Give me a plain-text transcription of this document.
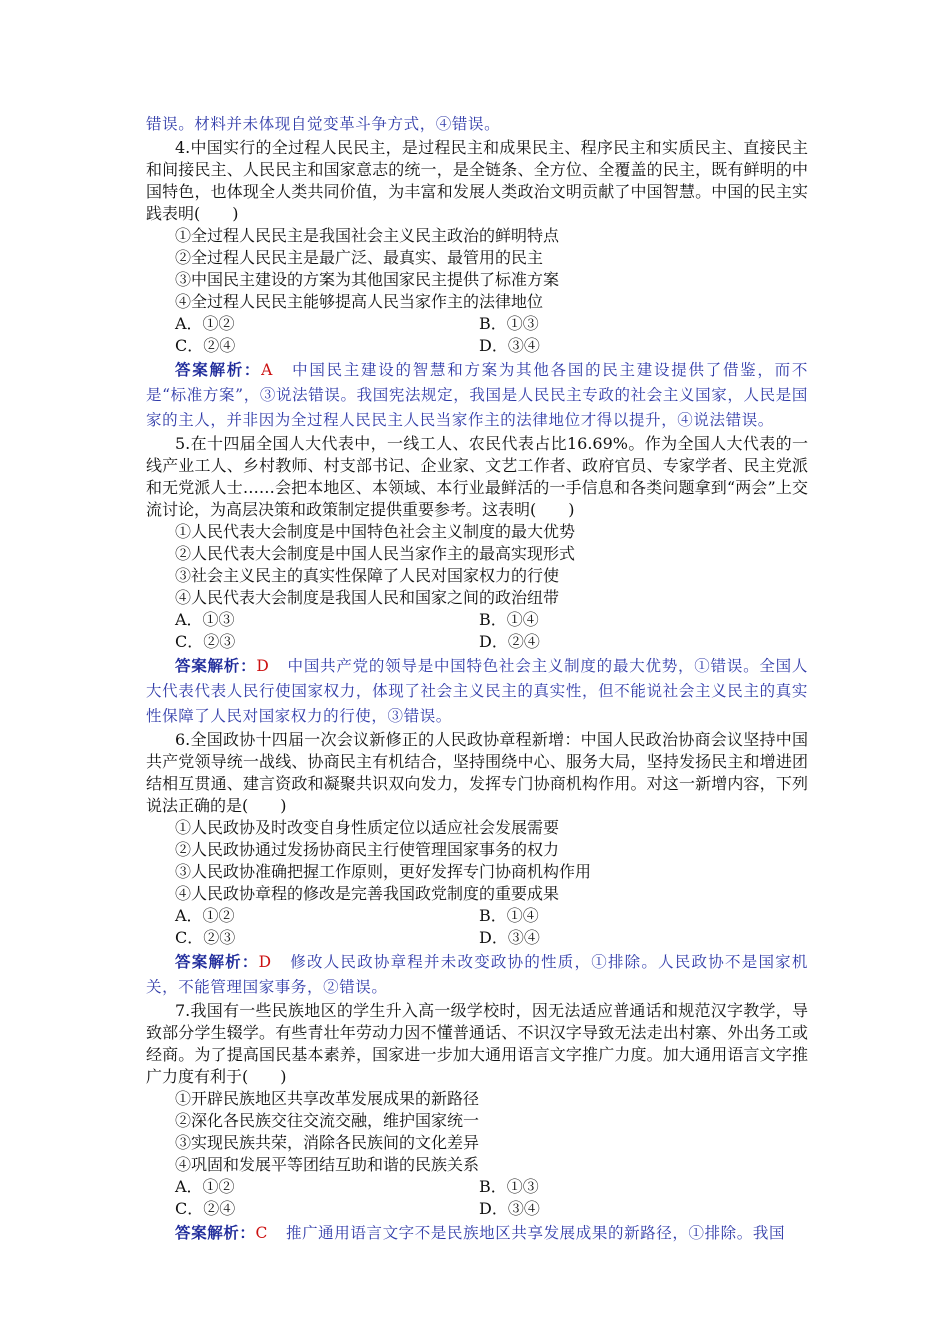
错误。材料并未体现自觉变革斗争方式，④错误。

4.中国实行的全过程人民民主，是过程民主和成果民主、程序民主和实质民主、直接民主和间接民主、人民民主和国家意志的统一，是全链条、全方位、全覆盖的民主，既有鲜明的中国特色，也体现全人类共同价值，为丰富和发展人类政治文明贡献了中国智慧。中国的民主实践表明(　　)

①全过程人民民主是我国社会主义民主政治的鲜明特点

②全过程人民民主是最广泛、最真实、最管用的民主

③中国民主建设的方案为其他国家民主提供了标准方案

④全过程人民民主能够提高人民当家作主的法律地位

A．①②	B．①③
C．②④	D．③④

答案解析：A 中国民主建设的智慧和方案为其他各国的民主建设提供了借鉴，而不是“标准方案”，③说法错误。我国宪法规定，我国是人民民主专政的社会主义国家，人民是国家的主人，并非因为全过程人民民主人民当家作主的法律地位才得以提升，④说法错误。

5.在十四届全国人大代表中，一线工人、农民代表占比16.69%。作为全国人大代表的一线产业工人、乡村教师、村支部书记、企业家、文艺工作者、政府官员、专家学者、民主党派和无党派人士……会把本地区、本领域、本行业最鲜活的一手信息和各类问题拿到“两会”上交流讨论，为高层决策和政策制定提供重要参考。这表明(　　)

①人民代表大会制度是中国特色社会主义制度的最大优势

②人民代表大会制度是中国人民当家作主的最高实现形式

③社会主义民主的真实性保障了人民对国家权力的行使

④人民代表大会制度是我国人民和国家之间的政治纽带

A．①③	B．①④
C．②③	D．②④

答案解析：D 中国共产党的领导是中国特色社会主义制度的最大优势，①错误。全国人大代表代表人民行使国家权力，体现了社会主义民主的真实性，但不能说社会主义民主的真实性保障了人民对国家权力的行使，③错误。

6.全国政协十四届一次会议新修正的人民政协章程新增：中国人民政治协商会议坚持中国共产党领导统一战线、协商民主有机结合，坚持围绕中心、服务大局，坚持发扬民主和增进团结相互贯通、建言资政和凝聚共识双向发力，发挥专门协商机构作用。对这一新增内容，下列说法正确的是(　　)

①人民政协及时改变自身性质定位以适应社会发展需要

②人民政协通过发扬协商民主行使管理国家事务的权力

③人民政协准确把握工作原则，更好发挥专门协商机构作用

④人民政协章程的修改是完善我国政党制度的重要成果

A．①②	B．①④
C．②③	D．③④

答案解析：D 修改人民政协章程并未改变政协的性质，①排除。人民政协不是国家机关，不能管理国家事务，②错误。

7.我国有一些民族地区的学生升入高一级学校时，因无法适应普通话和规范汉字教学，导致部分学生辍学。有些青壮年劳动力因不懂普通话、不识汉字导致无法走出村寨、外出务工或经商。为了提高国民基本素养，国家进一步加大通用语言文字推广力度。加大通用语言文字推广力度有利于(　　)

①开辟民族地区共享改革发展成果的新路径

②深化各民族交往交流交融，维护国家统一

③实现民族共荣，消除各民族间的文化差异

④巩固和发展平等团结互助和谐的民族关系

A．①②	B．①③
C．②④	D．③④

答案解析：C 推广通用语言文字不是民族地区共享发展成果的新路径，①排除。我国
